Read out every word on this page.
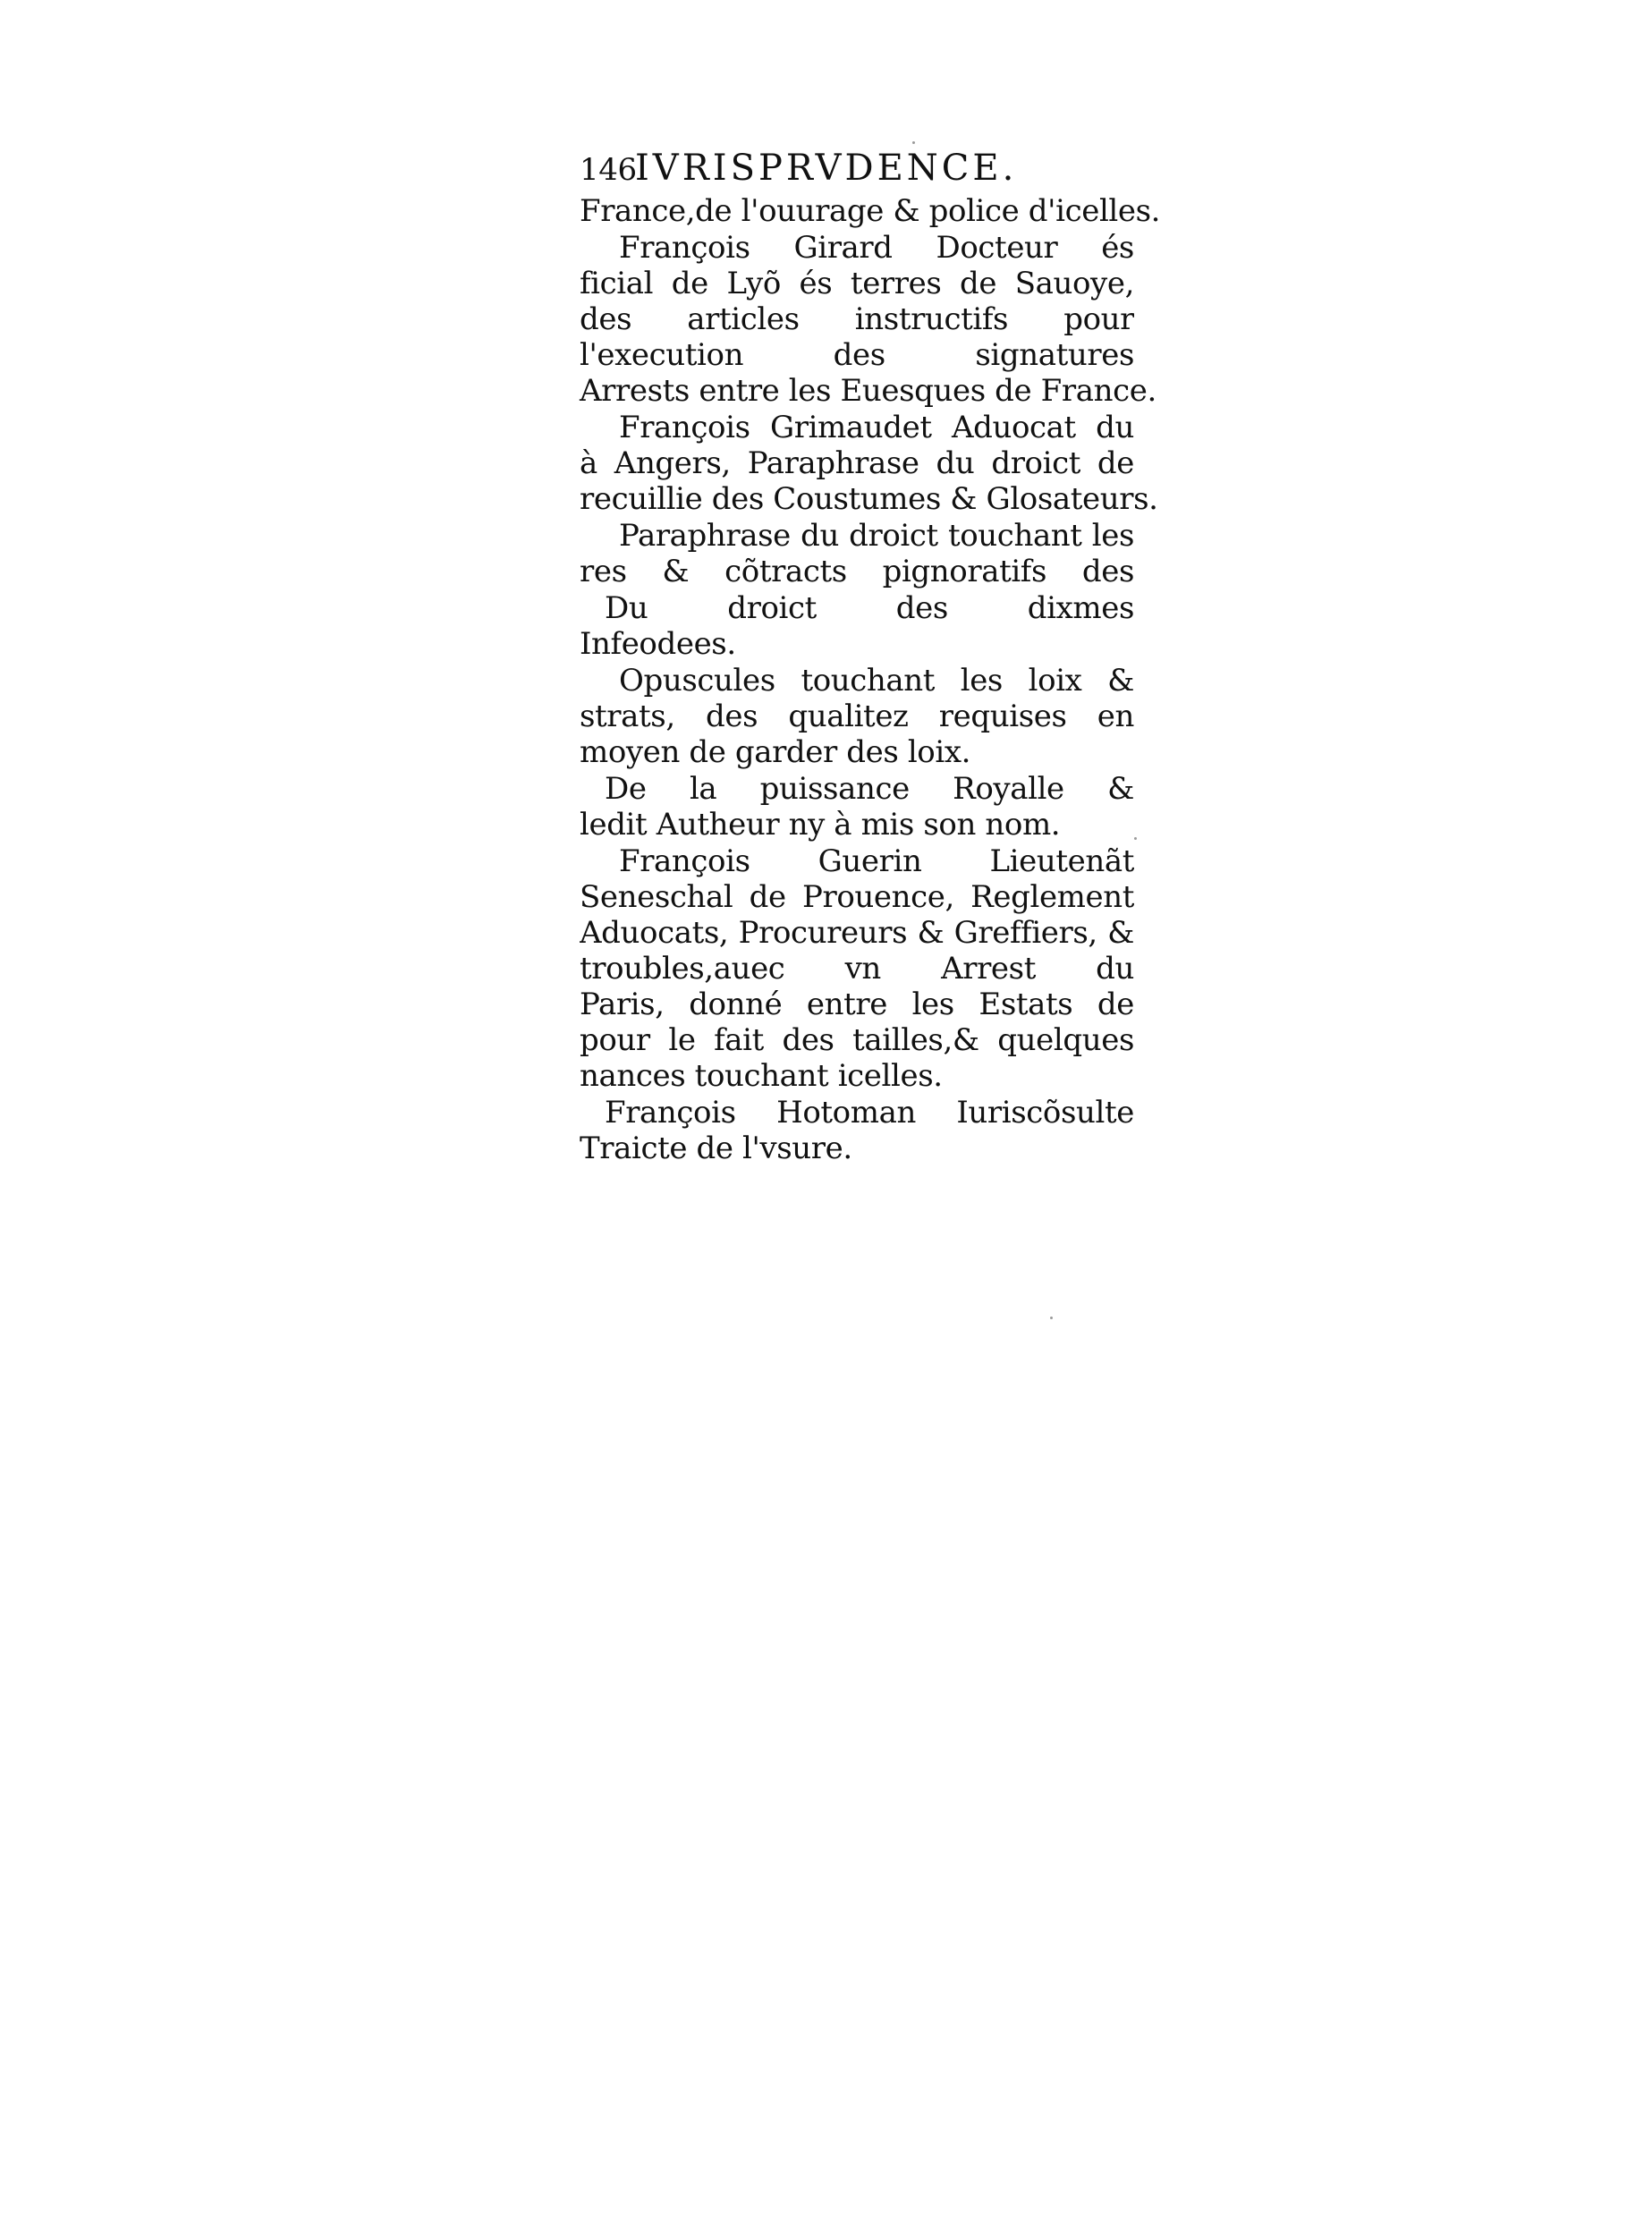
146
IVRISPRVDENCE.
France,de l'ouurage & police d'icelles.
François Girard Docteur és
ficial de Lyõ és terres de Sauoye,
des articles instructifs pour
l'execution des signatures
Arrests entre les Euesques de France.
François Grimaudet Aduocat du
à Angers, Paraphrase du droict de
recuillie des Coustumes & Glosateurs.
Paraphrase du droict touchant les
res & cõtracts pignoratifs des
Du droict des dixmes
Infeodees.
Opuscules touchant les loix &
strats, des qualitez requises en
moyen de garder des loix.
De la puissance Royalle &
ledit Autheur ny à mis son nom.
François Guerin Lieutenãt
Seneschal de Prouence, Reglement
Aduocats, Procureurs & Greffiers, &
troubles,auec vn Arrest du
Paris, donné entre les Estats de
pour le fait des tailles,& quelques
nances touchant icelles.
François Hotoman Iuriscõsulte
Traicte de l'vsure.
